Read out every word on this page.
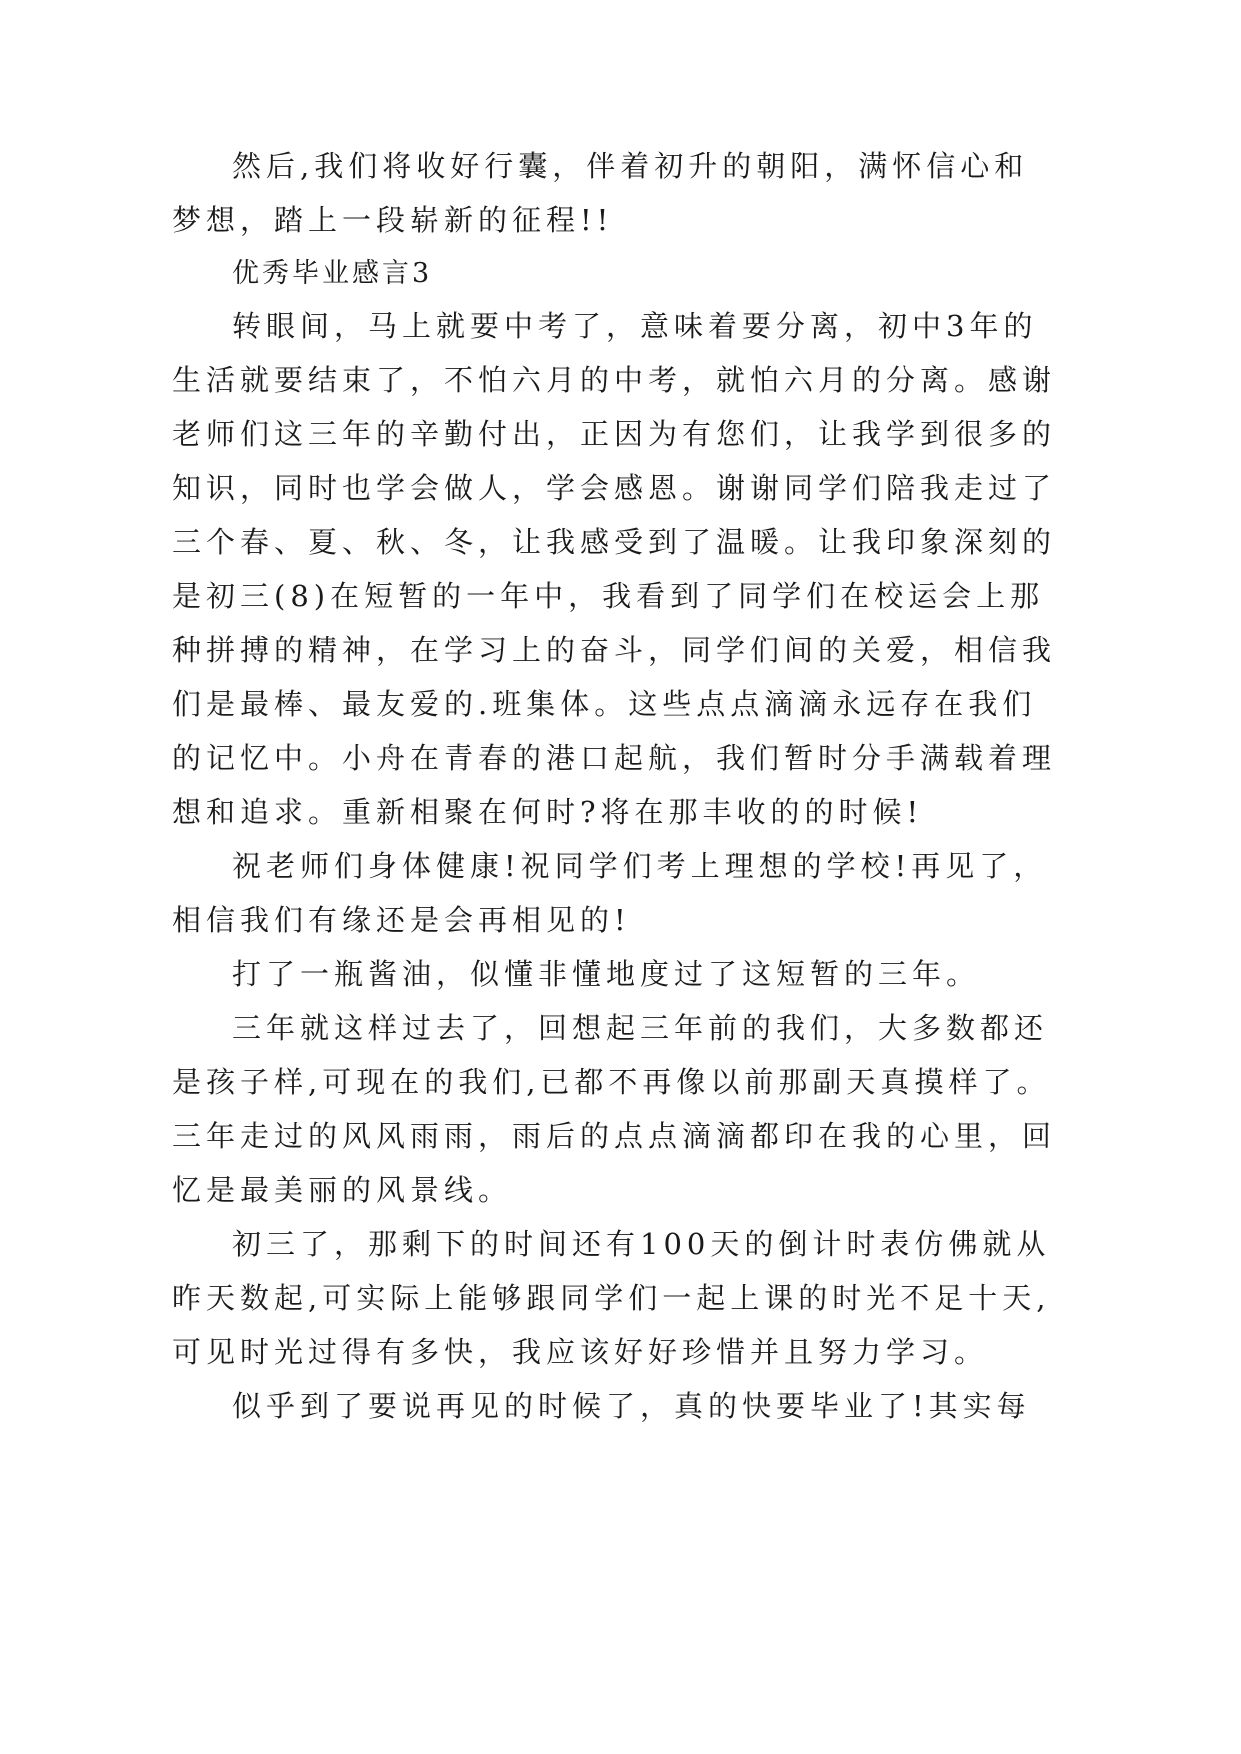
然后,我们将收好行囊，伴着初升的朝阳，满怀信心和

梦想，踏上一段崭新的征程!!

优秀毕业感言3

转眼间，马上就要中考了，意味着要分离，初中3年的

生活就要结束了，不怕六月的中考，就怕六月的分离。感谢

老师们这三年的辛勤付出，正因为有您们，让我学到很多的

知识，同时也学会做人，学会感恩。谢谢同学们陪我走过了

三个春、夏、秋、冬，让我感受到了温暖。让我印象深刻的

是初三(8)在短暂的一年中，我看到了同学们在校运会上那

种拼搏的精神，在学习上的奋斗，同学们间的关爱，相信我

们是最棒、最友爱的.班集体。这些点点滴滴永远存在我们

的记忆中。小舟在青春的港口起航，我们暂时分手满载着理

想和追求。重新相聚在何时?将在那丰收的的时候!

祝老师们身体健康!祝同学们考上理想的学校!再见了，

相信我们有缘还是会再相见的!

打了一瓶酱油，似懂非懂地度过了这短暂的三年。

三年就这样过去了，回想起三年前的我们，大多数都还

是孩子样,可现在的我们,已都不再像以前那副天真摸样了。

三年走过的风风雨雨，雨后的点点滴滴都印在我的心里，回

忆是最美丽的风景线。

初三了，那剩下的时间还有100天的倒计时表仿佛就从

昨天数起,可实际上能够跟同学们一起上课的时光不足十天,

可见时光过得有多快，我应该好好珍惜并且努力学习。

似乎到了要说再见的时候了，真的快要毕业了!其实每
